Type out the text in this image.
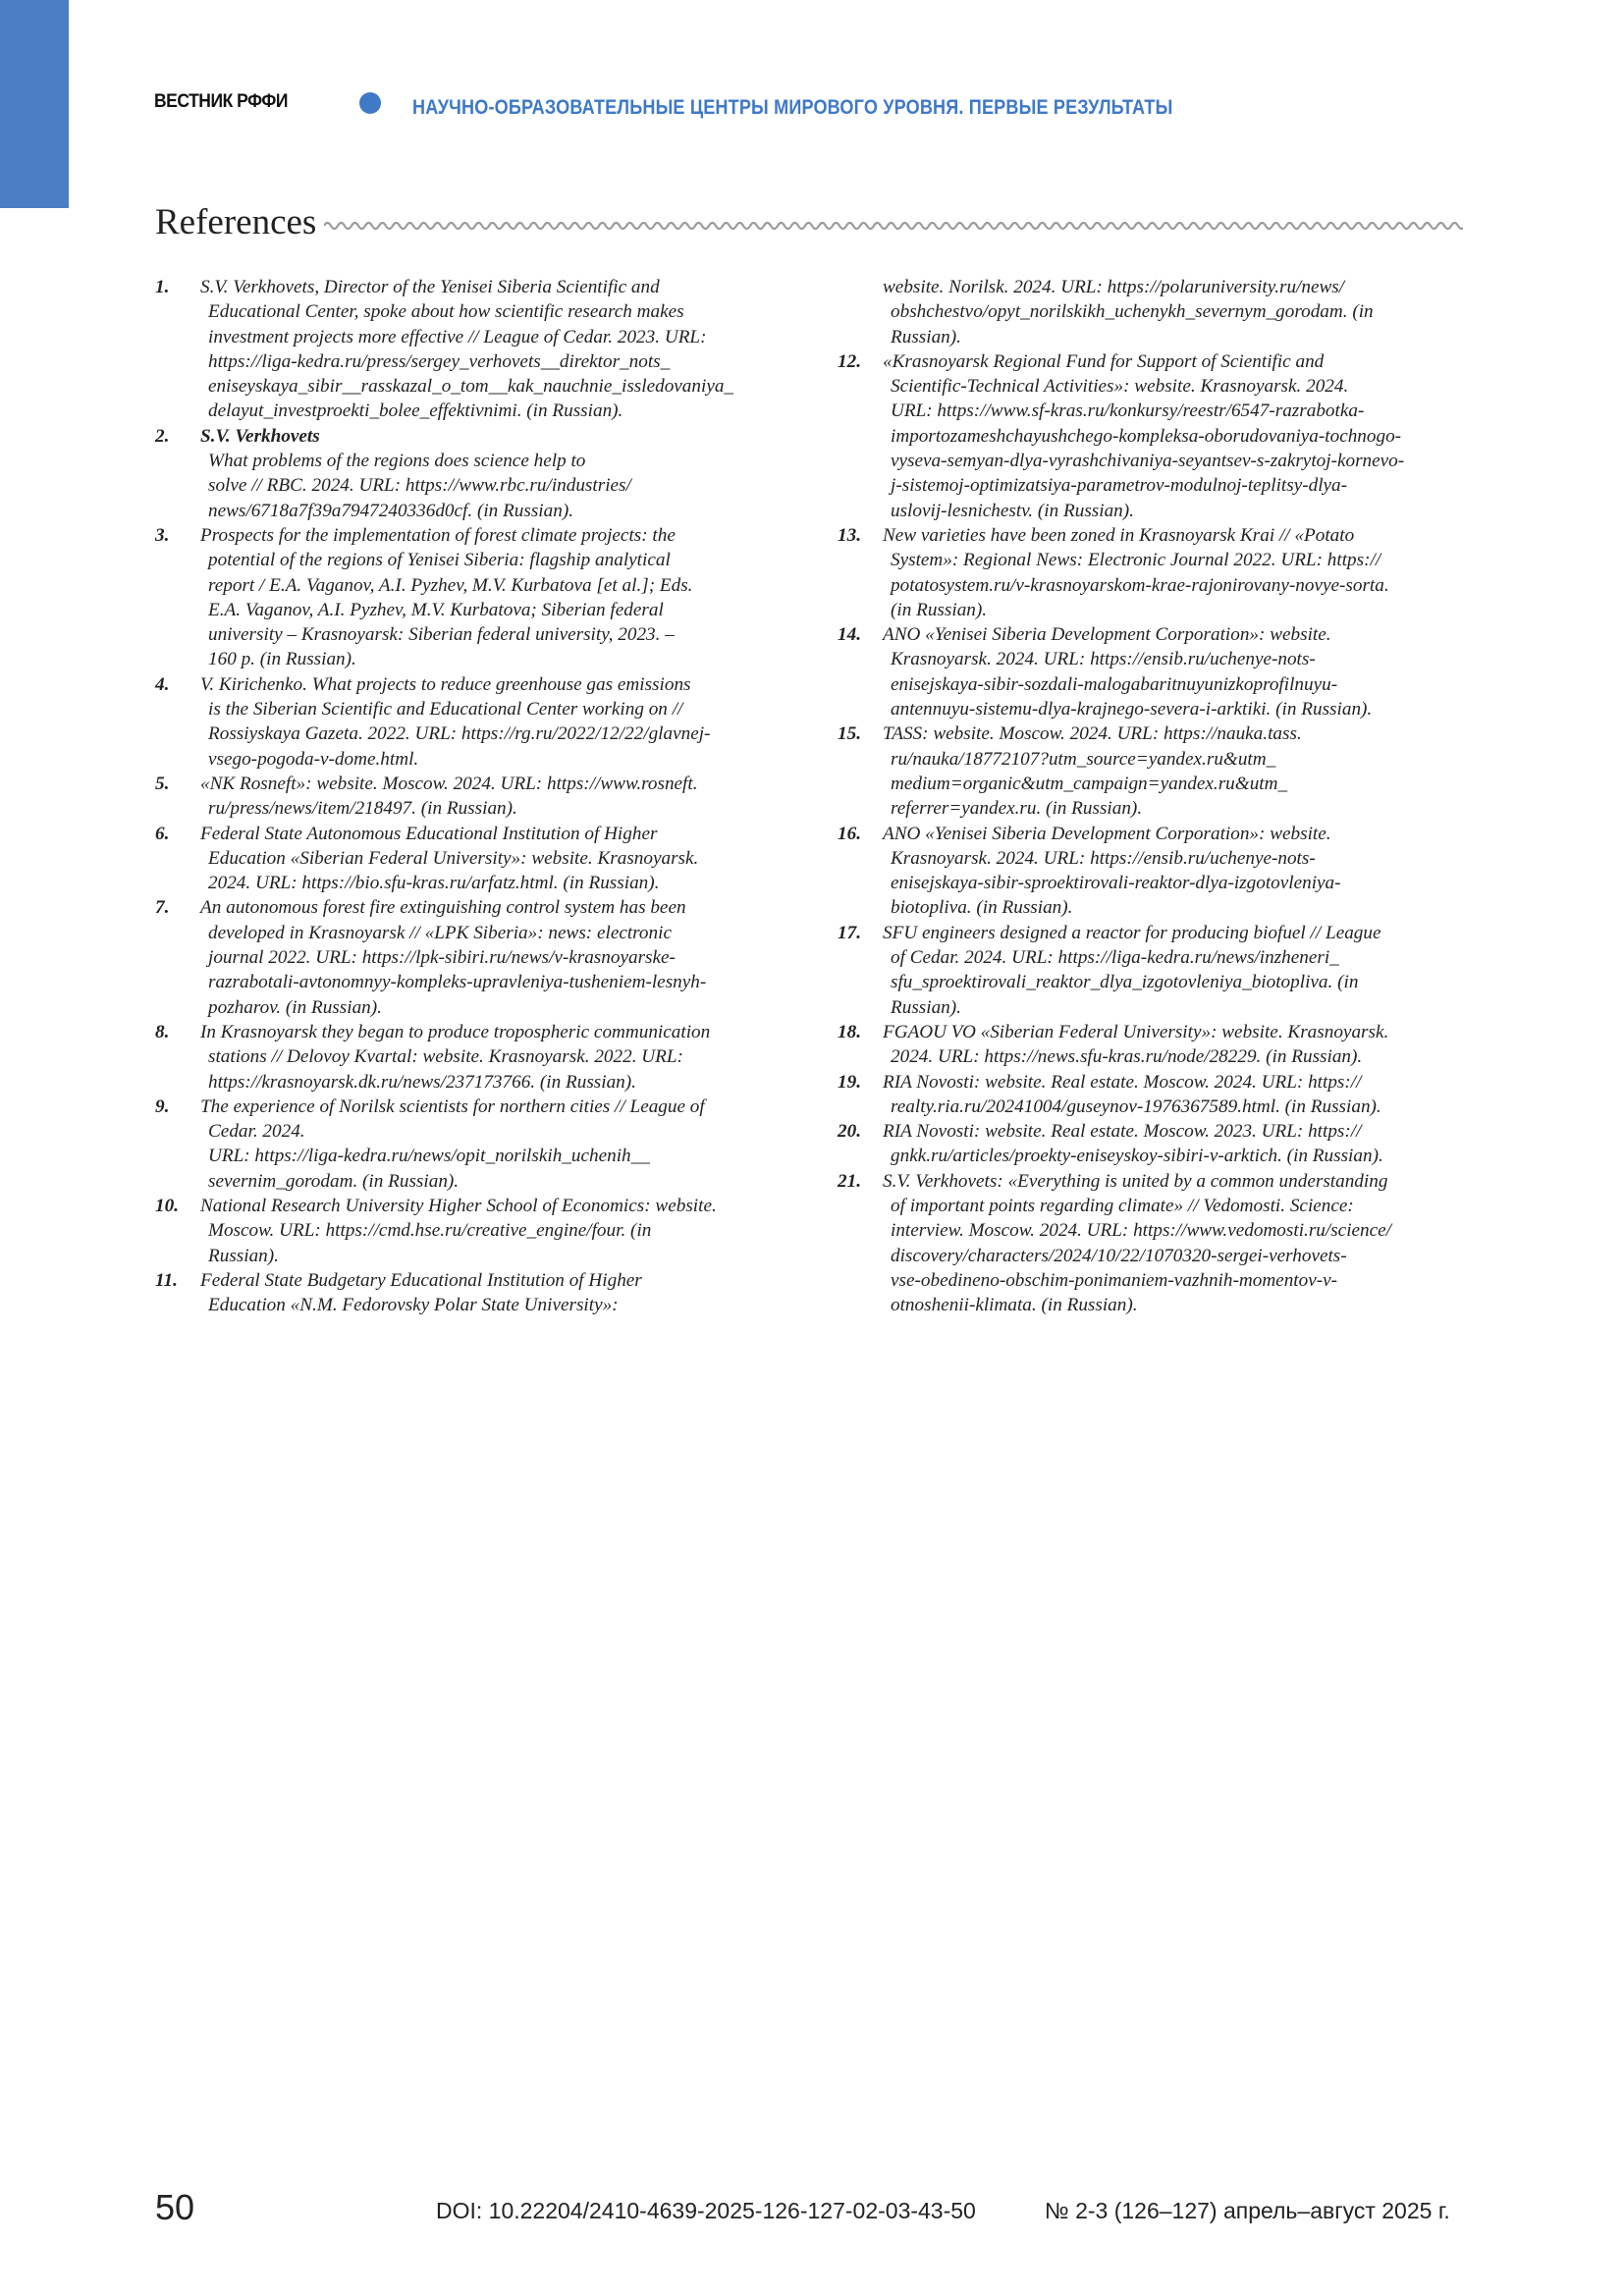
ВЕСТНИК РФФИ	НАУЧНО-ОБРАЗОВАТЕЛЬНЫЕ ЦЕНТРЫ МИРОВОГО УРОВНЯ. ПЕРВЫЕ РЕЗУЛЬТАТЫ
References
1. S.V. Verkhovets, Director of the Yenisei Siberia Scientific and
Educational Center, spoke about how scientific research makes
investment projects more effective // League of Cedar. 2023. URL:
https://liga-kedra.ru/press/sergey_verhovets__direktor_nots_
eniseyskaya_sibir__rasskazal_o_tom__kak_nauchnie_issledovaniya_
delayut_investproekti_bolee_effektivnimi. (in Russian).
2. S.V. Verkhovets
What problems of the regions does science help to
solve // RBC. 2024. URL: https://www.rbc.ru/industries/
news/6718a7f39a7947240336d0cf. (in Russian).
3. Prospects for the implementation of forest climate projects: the
potential of the regions of Yenisei Siberia: flagship analytical
report / E.A. Vaganov, A.I. Pyzhev, M.V. Kurbatova [et al.]; Eds.
E.A. Vaganov, A.I. Pyzhev, M.V. Kurbatova; Siberian federal
university – Krasnoyarsk: Siberian federal university, 2023. –
160 p. (in Russian).
4. V. Kirichenko. What projects to reduce greenhouse gas emissions
is the Siberian Scientific and Educational Center working on //
Rossiyskaya Gazeta. 2022. URL: https://rg.ru/2022/12/22/glavnej-
vsego-pogoda-v-dome.html.
5. «NK Rosneft»: website. Moscow. 2024. URL: https://www.rosneft.
ru/press/news/item/218497. (in Russian).
6. Federal State Autonomous Educational Institution of Higher
Education «Siberian Federal University»: website. Krasnoyarsk.
2024. URL: https://bio.sfu-kras.ru/arfatz.html. (in Russian).
7. An autonomous forest fire extinguishing control system has been
developed in Krasnoyarsk // «LPK Siberia»: news: electronic
journal 2022. URL: https://lpk-sibiri.ru/news/v-krasnoyarske-
razrabotali-avtonomnyy-kompleks-upravleniya-tusheniem-lesnyh-
pozharov. (in Russian).
8. In Krasnoyarsk they began to produce tropospheric communication
stations // Delovoy Kvartal: website. Krasnoyarsk. 2022. URL:
https://krasnoyarsk.dk.ru/news/237173766. (in Russian).
9. The experience of Norilsk scientists for northern cities // League of
Cedar. 2024.
URL: https://liga-kedra.ru/news/opit_norilskih_uchenih__
severnim_gorodam. (in Russian).
10. National Research University Higher School of Economics: website.
Moscow. URL: https://cmd.hse.ru/creative_engine/four. (in
Russian).
11. Federal State Budgetary Educational Institution of Higher
Education «N.M. Fedorovsky Polar State University»:
website. Norilsk. 2024. URL: https://polaruniversity.ru/news/
obshchestvo/opyt_norilskikh_uchenykh_severnym_gorodam. (in
Russian).
12. «Krasnoyarsk Regional Fund for Support of Scientific and
Scientific-Technical Activities»: website. Krasnoyarsk. 2024.
URL: https://www.sf-kras.ru/konkursy/reestr/6547-razrabotka-
importozameshchayushchego-kompleksa-oborudovaniya-tochnogo-
vyseva-semyan-dlya-vyrashchivaniya-seyantsev-s-zakrytoj-kornevo-
j-sistemoj-optimizatsiya-parametrov-modulnoj-teplitsy-dlya-
uslovij-lesnichestv. (in Russian).
13. New varieties have been zoned in Krasnoyarsk Krai // «Potato
System»: Regional News: Electronic Journal 2022. URL: https://
potatosystem.ru/v-krasnoyarskom-krae-rajonirovany-novye-sorta.
(in Russian).
14. ANO «Yenisei Siberia Development Corporation»: website.
Krasnoyarsk. 2024. URL: https://ensib.ru/uchenye-nots-
enisejskaya-sibir-sozdali-malogabaritnuyunizkoprofilnuyu-
antennuyu-sistemu-dlya-krajnego-severa-i-arktiki. (in Russian).
15. TASS: website. Moscow. 2024. URL: https://nauka.tass.
ru/nauka/18772107?utm_source=yandex.ru&utm_
medium=organic&utm_campaign=yandex.ru&utm_
referrer=yandex.ru. (in Russian).
16. ANO «Yenisei Siberia Development Corporation»: website.
Krasnoyarsk. 2024. URL: https://ensib.ru/uchenye-nots-
enisejskaya-sibir-sproektirovali-reaktor-dlya-izgotovleniya-
biotopliva. (in Russian).
17. SFU engineers designed a reactor for producing biofuel // League
of Cedar. 2024. URL: https://liga-kedra.ru/news/inzheneri_
sfu_sproektirovali_reaktor_dlya_izgotovleniya_biotopliva. (in
Russian).
18. FGAOU VO «Siberian Federal University»: website. Krasnoyarsk.
2024. URL: https://news.sfu-kras.ru/node/28229. (in Russian).
19. RIA Novosti: website. Real estate. Moscow. 2024. URL: https://
realty.ria.ru/20241004/guseynov-1976367589.html. (in Russian).
20. RIA Novosti: website. Real estate. Moscow. 2023. URL: https://
gnkk.ru/articles/proekty-eniseyskoy-sibiri-v-arktich. (in Russian).
21. S.V. Verkhovets: «Everything is united by a common understanding
of important points regarding climate» // Vedomosti. Science:
interview. Moscow. 2024. URL: https://www.vedomosti.ru/science/
discovery/characters/2024/10/22/1070320-sergei-verhovets-
vse-obedineno-obschim-ponimaniem-vazhnih-momentov-v-
otnoshenii-klimata. (in Russian).
50	DOI: 10.22204/2410-4639-2025-126-127-02-03-43-50	№ 2-3 (126–127) апрель–август 2025 г.
